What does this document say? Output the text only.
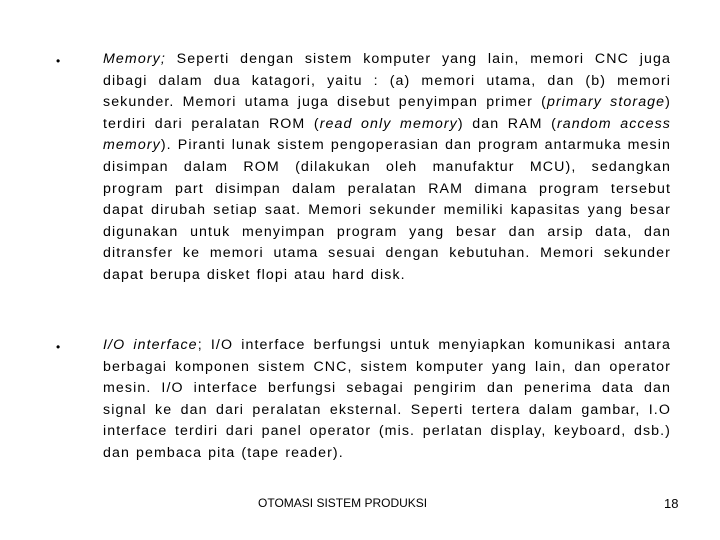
•	Memory; Seperti dengan sistem komputer yang lain, memori CNC juga dibagi dalam dua katagori, yaitu : (a) memori utama, dan (b) memori sekunder. Memori utama juga disebut penyimpan primer (primary storage) terdiri dari peralatan ROM (read only memory) dan RAM (random access memory). Piranti lunak sistem pengoperasian dan program antarmuka mesin disimpan dalam ROM (dilakukan oleh manufaktur MCU), sedangkan program part disimpan dalam peralatan RAM dimana program tersebut dapat dirubah setiap saat. Memori sekunder memiliki kapasitas yang besar digunakan untuk menyimpan program yang besar dan arsip data, dan ditransfer ke memori utama sesuai dengan kebutuhan. Memori sekunder dapat berupa disket flopi atau hard disk.

•	I/O interface; I/O interface berfungsi untuk menyiapkan komunikasi antara berbagai komponen sistem CNC, sistem komputer yang lain, dan operator mesin. I/O interface berfungsi sebagai pengirim dan penerima data dan signal ke dan dari peralatan eksternal. Seperti tertera dalam gambar, I.O interface terdiri dari panel operator (mis. perlatan display, keyboard, dsb.) dan pembaca pita (tape reader).

OTOMASI SISTEM PRODUKSI	18
